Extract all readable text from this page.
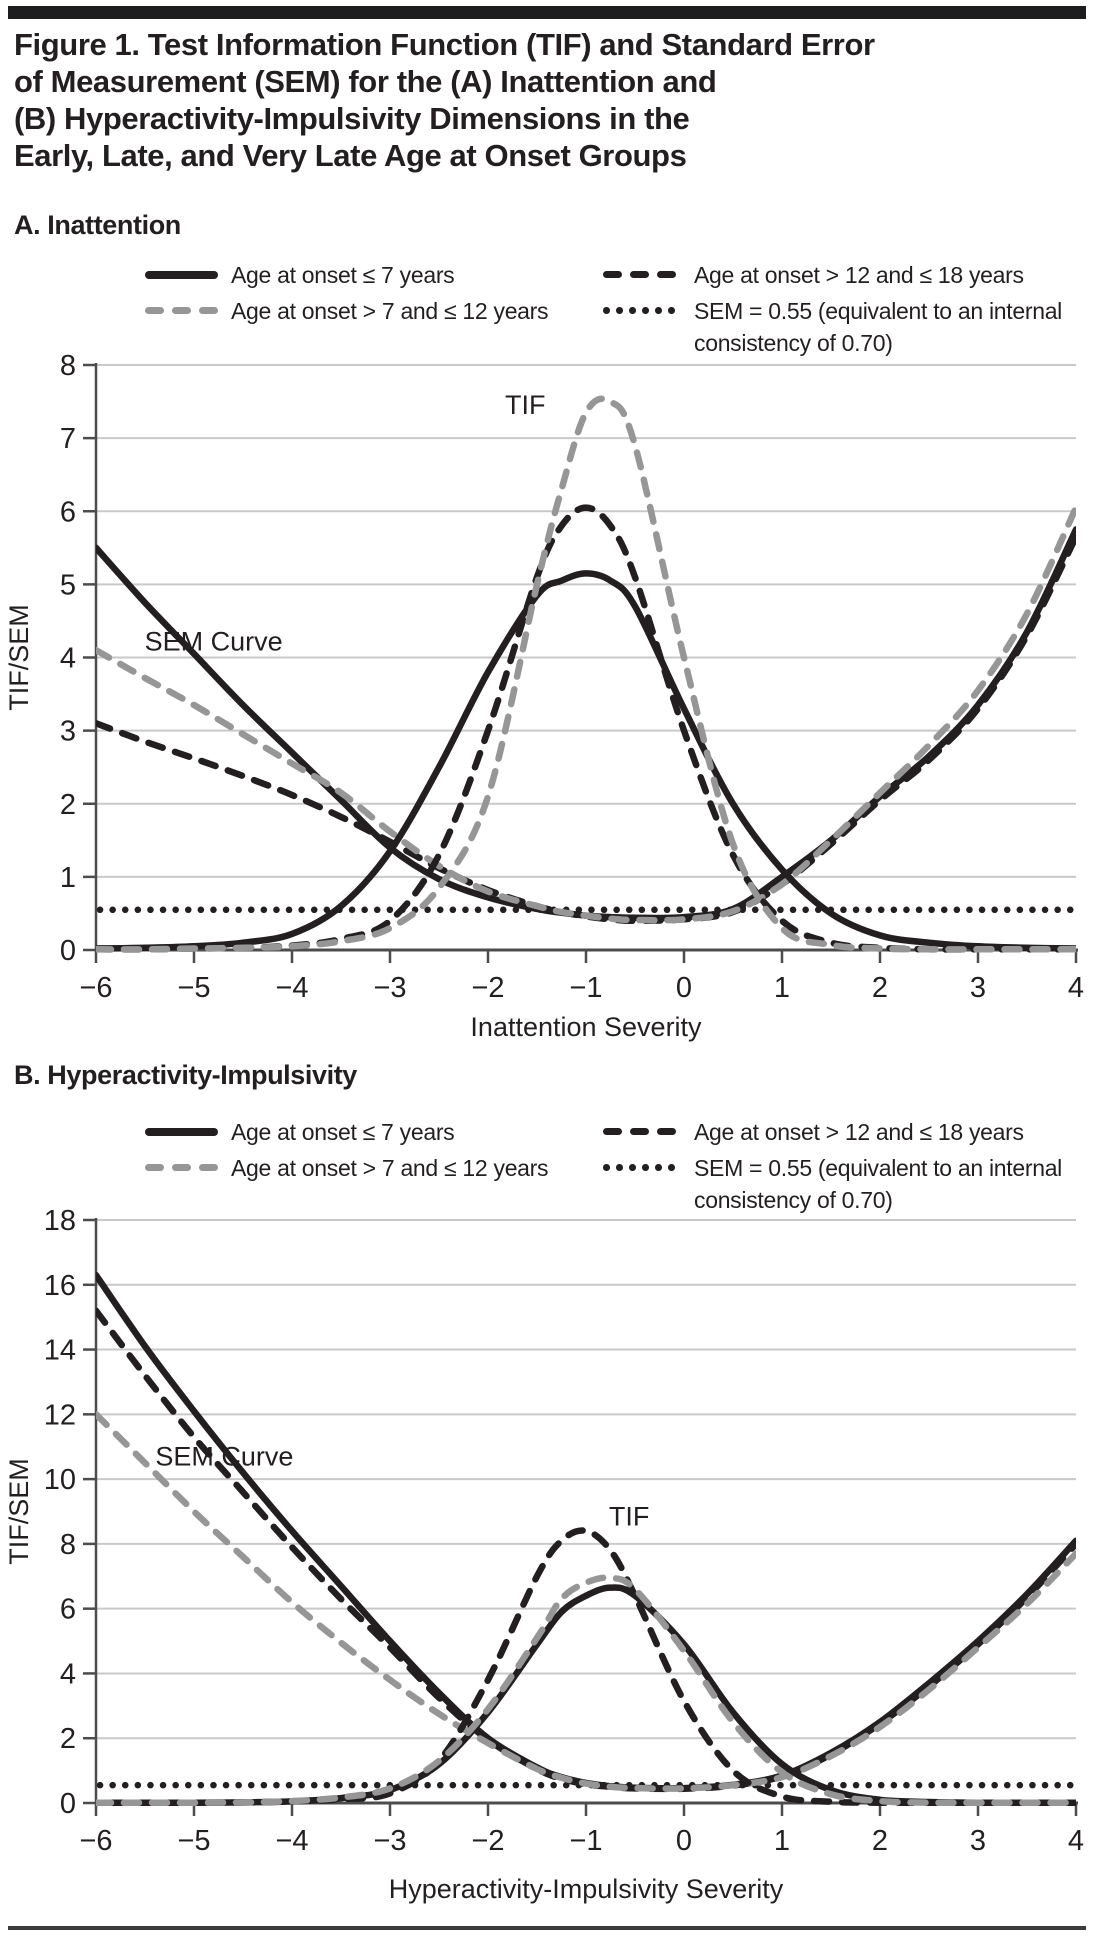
Figure 1. Test Information Function (TIF) and Standard Error
of Measurement (SEM) for the (A) Inattention and
(B) Hyperactivity-Impulsivity Dimensions in the
Early, Late, and Very Late Age at Onset Groups
A. Inattention
Age at onset ≤ 7 years
Age at onset > 7 and ≤ 12 years
Age at onset > 12 and ≤ 18 years
SEM = 0.55 (equivalent to an internal
consistency of 0.70)
B. Hyperactivity-Impulsivity
Age at onset ≤ 7 years
Age at onset > 7 and ≤ 12 years
Age at onset > 12 and ≤ 18 years
SEM = 0.55 (equivalent to an internal
consistency of 0.70)
0
1
2
3
4
5
6
7
8
−6 −5 −4 −3 −2 −1	0	1	2	3	4
Inattention Severity
TIF/SEM
TIF
SEM Curve
0
2
4
6
8
10
12
14
16
18
−6 −5 −4 −3 −2 −1	0	1	2	3	4
Hyperactivity-Impulsivity Severity
TIF/SEM	TIF
SEM Curve
